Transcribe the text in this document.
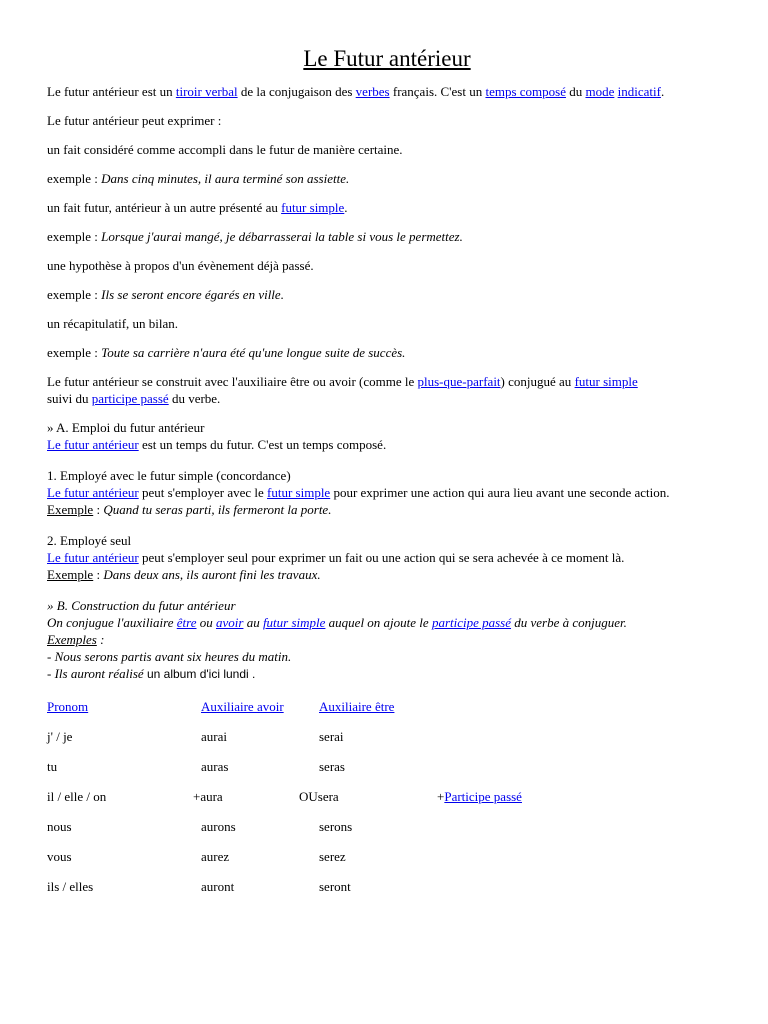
Le Futur antérieur

Le futur antérieur est un tiroir verbal de la conjugaison des verbes français. C'est un temps composé du mode indicatif.

Le futur antérieur peut exprimer :

un fait considéré comme accompli dans le futur de manière certaine.

exemple : Dans cinq minutes, il aura terminé son assiette.

un fait futur, antérieur à un autre présenté au futur simple.

exemple : Lorsque j'aurai mangé, je débarrasserai la table si vous le permettez.

une hypothèse à propos d'un évènement déjà passé.

exemple : Ils se seront encore égarés en ville.

un récapitulatif, un bilan.

exemple : Toute sa carrière n'aura été qu'une longue suite de succès.

Le futur antérieur se construit avec l'auxiliaire être ou avoir (comme le plus-que-parfait) conjugué au futur simple
suivi du participe passé du verbe.

» A. Emploi du futur antérieur
Le futur antérieur est un temps du futur. C'est un temps composé.
1. Employé avec le futur simple (concordance)
Le futur antérieur peut s'employer avec le futur simple pour exprimer une action qui aura lieu avant une seconde action.
Exemple : Quand tu seras parti, ils fermeront la porte.
2. Employé seul
Le futur antérieur peut s'employer seul pour exprimer un fait ou une action qui se sera achevée à ce moment là.
Exemple : Dans deux ans, ils auront fini les travaux.
» B. Construction du futur antérieur
On conjugue l'auxiliaire être ou avoir au futur simple auquel on ajoute le participe passé du verbe à conjuguer.
Exemples :
- Nous serons partis avant six heures du matin.
- Ils auront réalisé un album d'ici lundi .
Pronom	Auxiliaire avoir	Auxiliaire être	
j' / je	aurai	serai	
tu	auras	seras	
il / elle / on	+aura	OUsera	+Participe passé
nous	aurons	serons	
vous	aurez	serez	
ils / elles	auront	seront	
